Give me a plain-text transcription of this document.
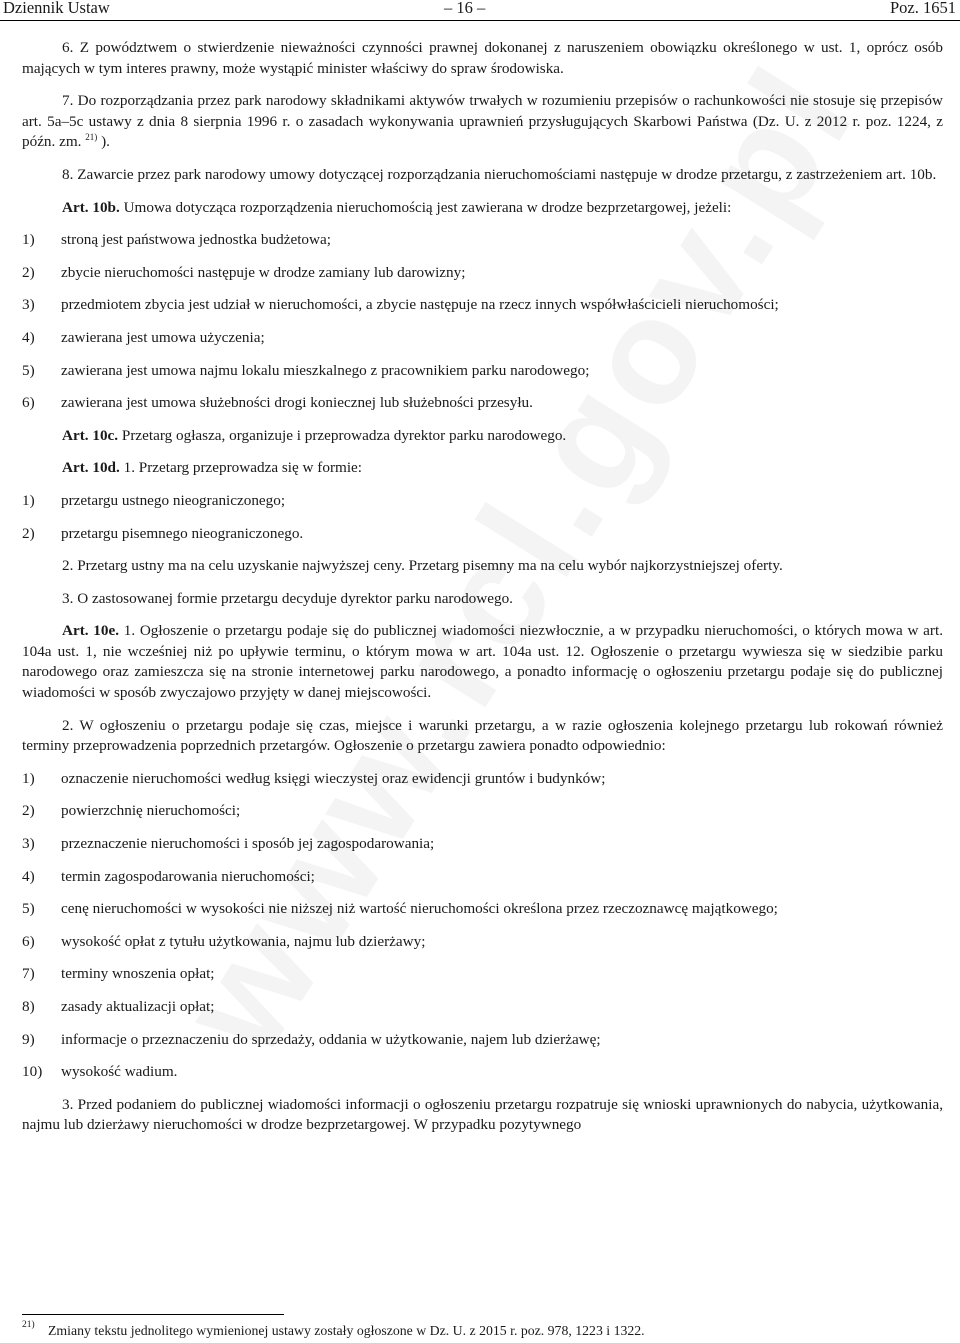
Dziennik Ustaw	– 16 –	Poz. 1651

6. Z powództwem o stwierdzenie nieważności czynności prawnej dokonanej z naruszeniem obowiązku określonego w ust. 1, oprócz osób mających w tym interes prawny, może wystąpić minister właściwy do spraw środowiska.

7. Do rozporządzania przez park narodowy składnikami aktywów trwałych w rozumieniu przepisów o rachunkowości nie stosuje się przepisów art. 5a–5c ustawy z dnia 8 sierpnia 1996 r. o zasadach wykonywania uprawnień przysługujących Skarbowi Państwa (Dz. U. z 2012 r. poz. 1224, z późn. zm. $^{21)}$ ).

8. Zawarcie przez park narodowy umowy dotyczącej rozporządzania nieruchomościami następuje w drodze przetargu, z zastrzeżeniem art. 10b.

Art. 10b. Umowa dotycząca rozporządzenia nieruchomością jest zawierana w drodze bezprzetargowej, jeżeli:

1) stroną jest państwowa jednostka budżetowa;
2) zbycie nieruchomości następuje w drodze zamiany lub darowizny;
3) przedmiotem zbycia jest udział w nieruchomości, a zbycie następuje na rzecz innych współwłaścicieli nieruchomości;
4) zawierana jest umowa użyczenia;
5) zawierana jest umowa najmu lokalu mieszkalnego z pracownikiem parku narodowego;
6) zawierana jest umowa służebności drogi koniecznej lub służebności przesyłu.

Art. 10c. Przetarg ogłasza, organizuje i przeprowadza dyrektor parku narodowego.

Art. 10d. 1. Przetarg przeprowadza się w formie:

1) przetargu ustnego nieograniczonego;
2) przetargu pisemnego nieograniczonego.

2. Przetarg ustny ma na celu uzyskanie najwyższej ceny. Przetarg pisemny ma na celu wybór najkorzystniejszej oferty.

3. O zastosowanej formie przetargu decyduje dyrektor parku narodowego.

Art. 10e. 1. Ogłoszenie o przetargu podaje się do publicznej wiadomości niezwłocznie, a w przypadku nieruchomości, o których mowa w art. 104a ust. 1, nie wcześniej niż po upływie terminu, o którym mowa w art. 104a ust. 12. Ogłoszenie o przetargu wywiesza się w siedzibie parku narodowego oraz zamieszcza się na stronie internetowej parku narodowego, a ponadto informację o ogłoszeniu przetargu podaje się do publicznej wiadomości w sposób zwyczajowo przyjęty w danej miejscowości.

2. W ogłoszeniu o przetargu podaje się czas, miejsce i warunki przetargu, a w razie ogłoszenia kolejnego przetargu lub rokowań również terminy przeprowadzenia poprzednich przetargów. Ogłoszenie o przetargu zawiera ponadto odpowiednio:

1) oznaczenie nieruchomości według księgi wieczystej oraz ewidencji gruntów i budynków;
2) powierzchnię nieruchomości;
3) przeznaczenie nieruchomości i sposób jej zagospodarowania;
4) termin zagospodarowania nieruchomości;
5) cenę nieruchomości w wysokości nie niższej niż wartość nieruchomości określona przez rzeczoznawcę majątkowego;
6) wysokość opłat z tytułu użytkowania, najmu lub dzierżawy;
7) terminy wnoszenia opłat;
8) zasady aktualizacji opłat;
9) informacje o przeznaczeniu do sprzedaży, oddania w użytkowanie, najem lub dzierżawę;
10) wysokość wadium.

3. Przed podaniem do publicznej wiadomości informacji o ogłoszeniu przetargu rozpatruje się wnioski uprawnionych do nabycia, użytkowania, najmu lub dzierżawy nieruchomości w drodze bezprzetargowej. W przypadku pozytywnego

21) Zmiany tekstu jednolitego wymienionej ustawy zostały ogłoszone w Dz. U. z 2015 r. poz. 978, 1223 i 1322.
